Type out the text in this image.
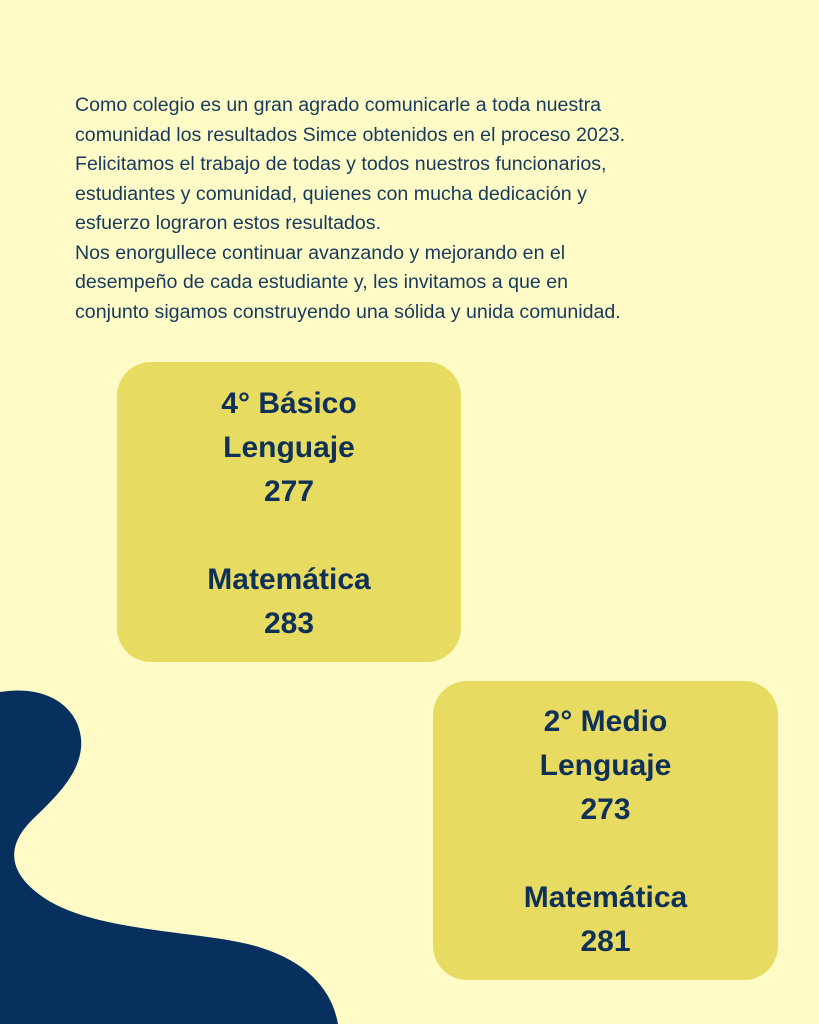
Como colegio es un gran agrado comunicarle a toda nuestra

comunidad los resultados Simce obtenidos en el proceso 2023.

Felicitamos el trabajo de todas y todos nuestros funcionarios,

estudiantes y comunidad, quienes con mucha dedicación y

esfuerzo lograron estos resultados.

Nos enorgullece continuar avanzando y mejorando en el

desempeño de cada estudiante y, les invitamos a que en

conjunto sigamos construyendo una sólida y unida comunidad.

4° Básico
Lenguaje
277
Matemática
283
2° Medio
Lenguaje
273
Matemática
281
